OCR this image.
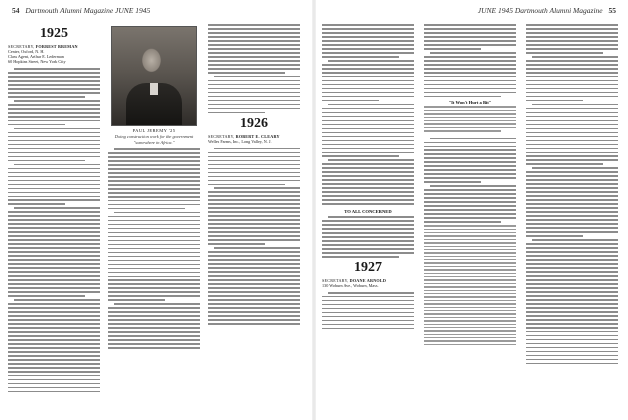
54 Dartmouth Alumni Magazine JUNE 1945
1925
SECRETARY, FORREST BREMAN
Center, Oxford, N. H.
Class Agent, Arthur E. Lederman
60 Hopkins Street, New York City
PAUL JEREMY '25
Doing construction work for the government "somewhere in Africa."
1926
SECRETARY, ROBERT E. CLEARY
Welles Farms, Inc., Long Valley, N. J.
JUNE 1945 Dartmouth Alumni Magazine 55
TO ALL CONCERNED
1927
SECRETARY, DOANE ARNOLD
130 Woburn Ave., Woburn, Mass.
"It Won't Hurt a Bit"
